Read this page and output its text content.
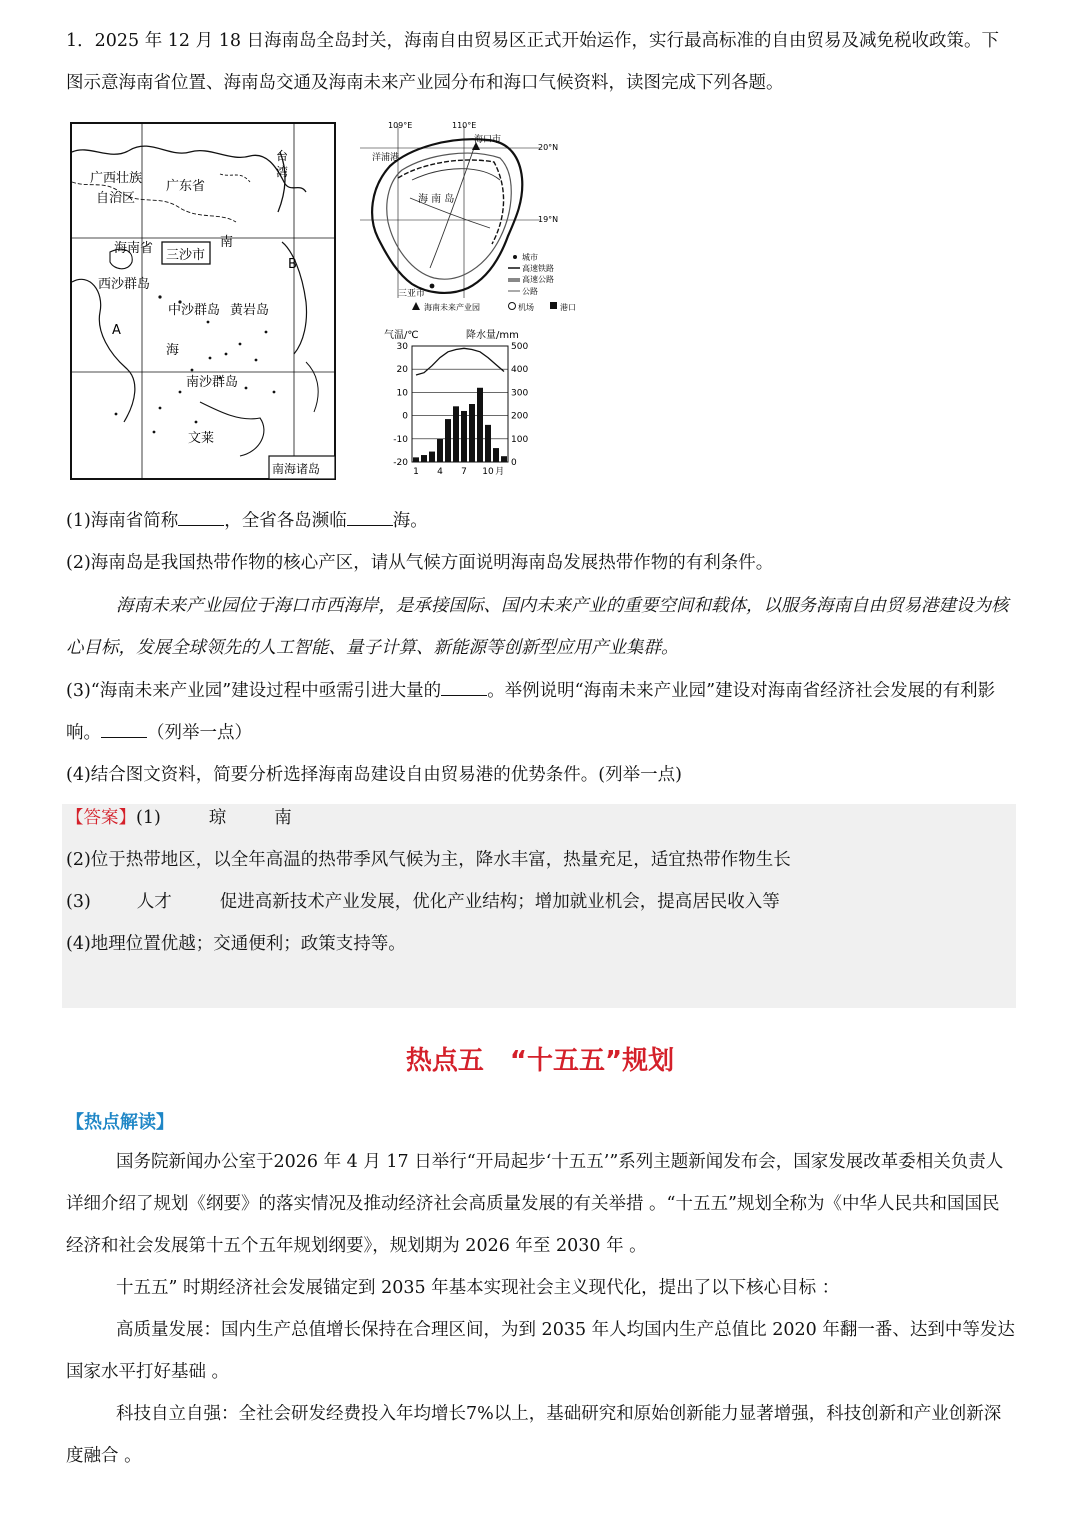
1．2025 年 12 月 18 日海南岛全岛封关，海南自由贸易区正式开始运作，实行最高标准的自由贸易及减免税收政策。下图示意海南省位置、海南岛交通及海南未来产业园分布和海口气候资料，读图完成下列各题。

广西壮族
自治区
广东省
台
湾
海南省 三沙市
南
西沙群岛
中沙群岛 黄岩岛
B
A
海
南沙群岛
文莱
南海诸岛
109°E	110°E
20°N
19°N
海口市
洋浦港
海 南 岛
三亚市
城市
高速铁路
高速公路
公路
海南未来产业园	机场	港口
气温/℃	降水量/mm
30	500
20	400
10	300
0	200
-10	100
-20	0
1 4 7 10 月

(1)海南省简称	，全省各岛濒临	海。

(2)海南岛是我国热带作物的核心产区，请从气候方面说明海南岛发展热带作物的有利条件。

海南未来产业园位于海口市西海岸，是承接国际、国内未来产业的重要空间和载体，以服务海南自由贸易港建设为核心目标，发展全球领先的人工智能、量子计算、新能源等创新型应用产业集群。

(3)“海南未来产业园”建设过程中亟需引进大量的	。举例说明“海南未来产业园”建设对海南省经济社会发展的有利影响。	（列举一点）

(4)结合图文资料，简要分析选择海南岛建设自由贸易港的优势条件。(列举一点)

【答案】(1)	琼	南

(2)位于热带地区，以全年高温的热带季风气候为主，降水丰富，热量充足，适宜热带作物生长

(3)	人才	促进高新技术产业发展，优化产业结构；增加就业机会，提高居民收入等

(4)地理位置优越；交通便利；政策支持等。

热点五　“十五五”规划
【热点解读】

国务院新闻办公室于2026 年 4 月 17 日举行“开局起步‘十五五’”系列主题新闻发布会，国家发展改革委相关负责人详细介绍了规划《纲要》的落实情况及推动经济社会高质量发展的有关举措 。“十五五”规划全称为《中华人民共和国国民经济和社会发展第十五个五年规划纲要》，规划期为 2026 年至 2030 年 。

十五五” 时期经济社会发展锚定到 2035 年基本实现社会主义现代化，提出了以下核心目标 ：

高质量发展：国内生产总值增长保持在合理区间，为到 2035 年人均国内生产总值比 2020 年翻一番、达到中等发达国家水平打好基础 。

科技自立自强：全社会研发经费投入年均增长7%以上，基础研究和原始创新能力显著增强，科技创新和产业创新深度融合 。
